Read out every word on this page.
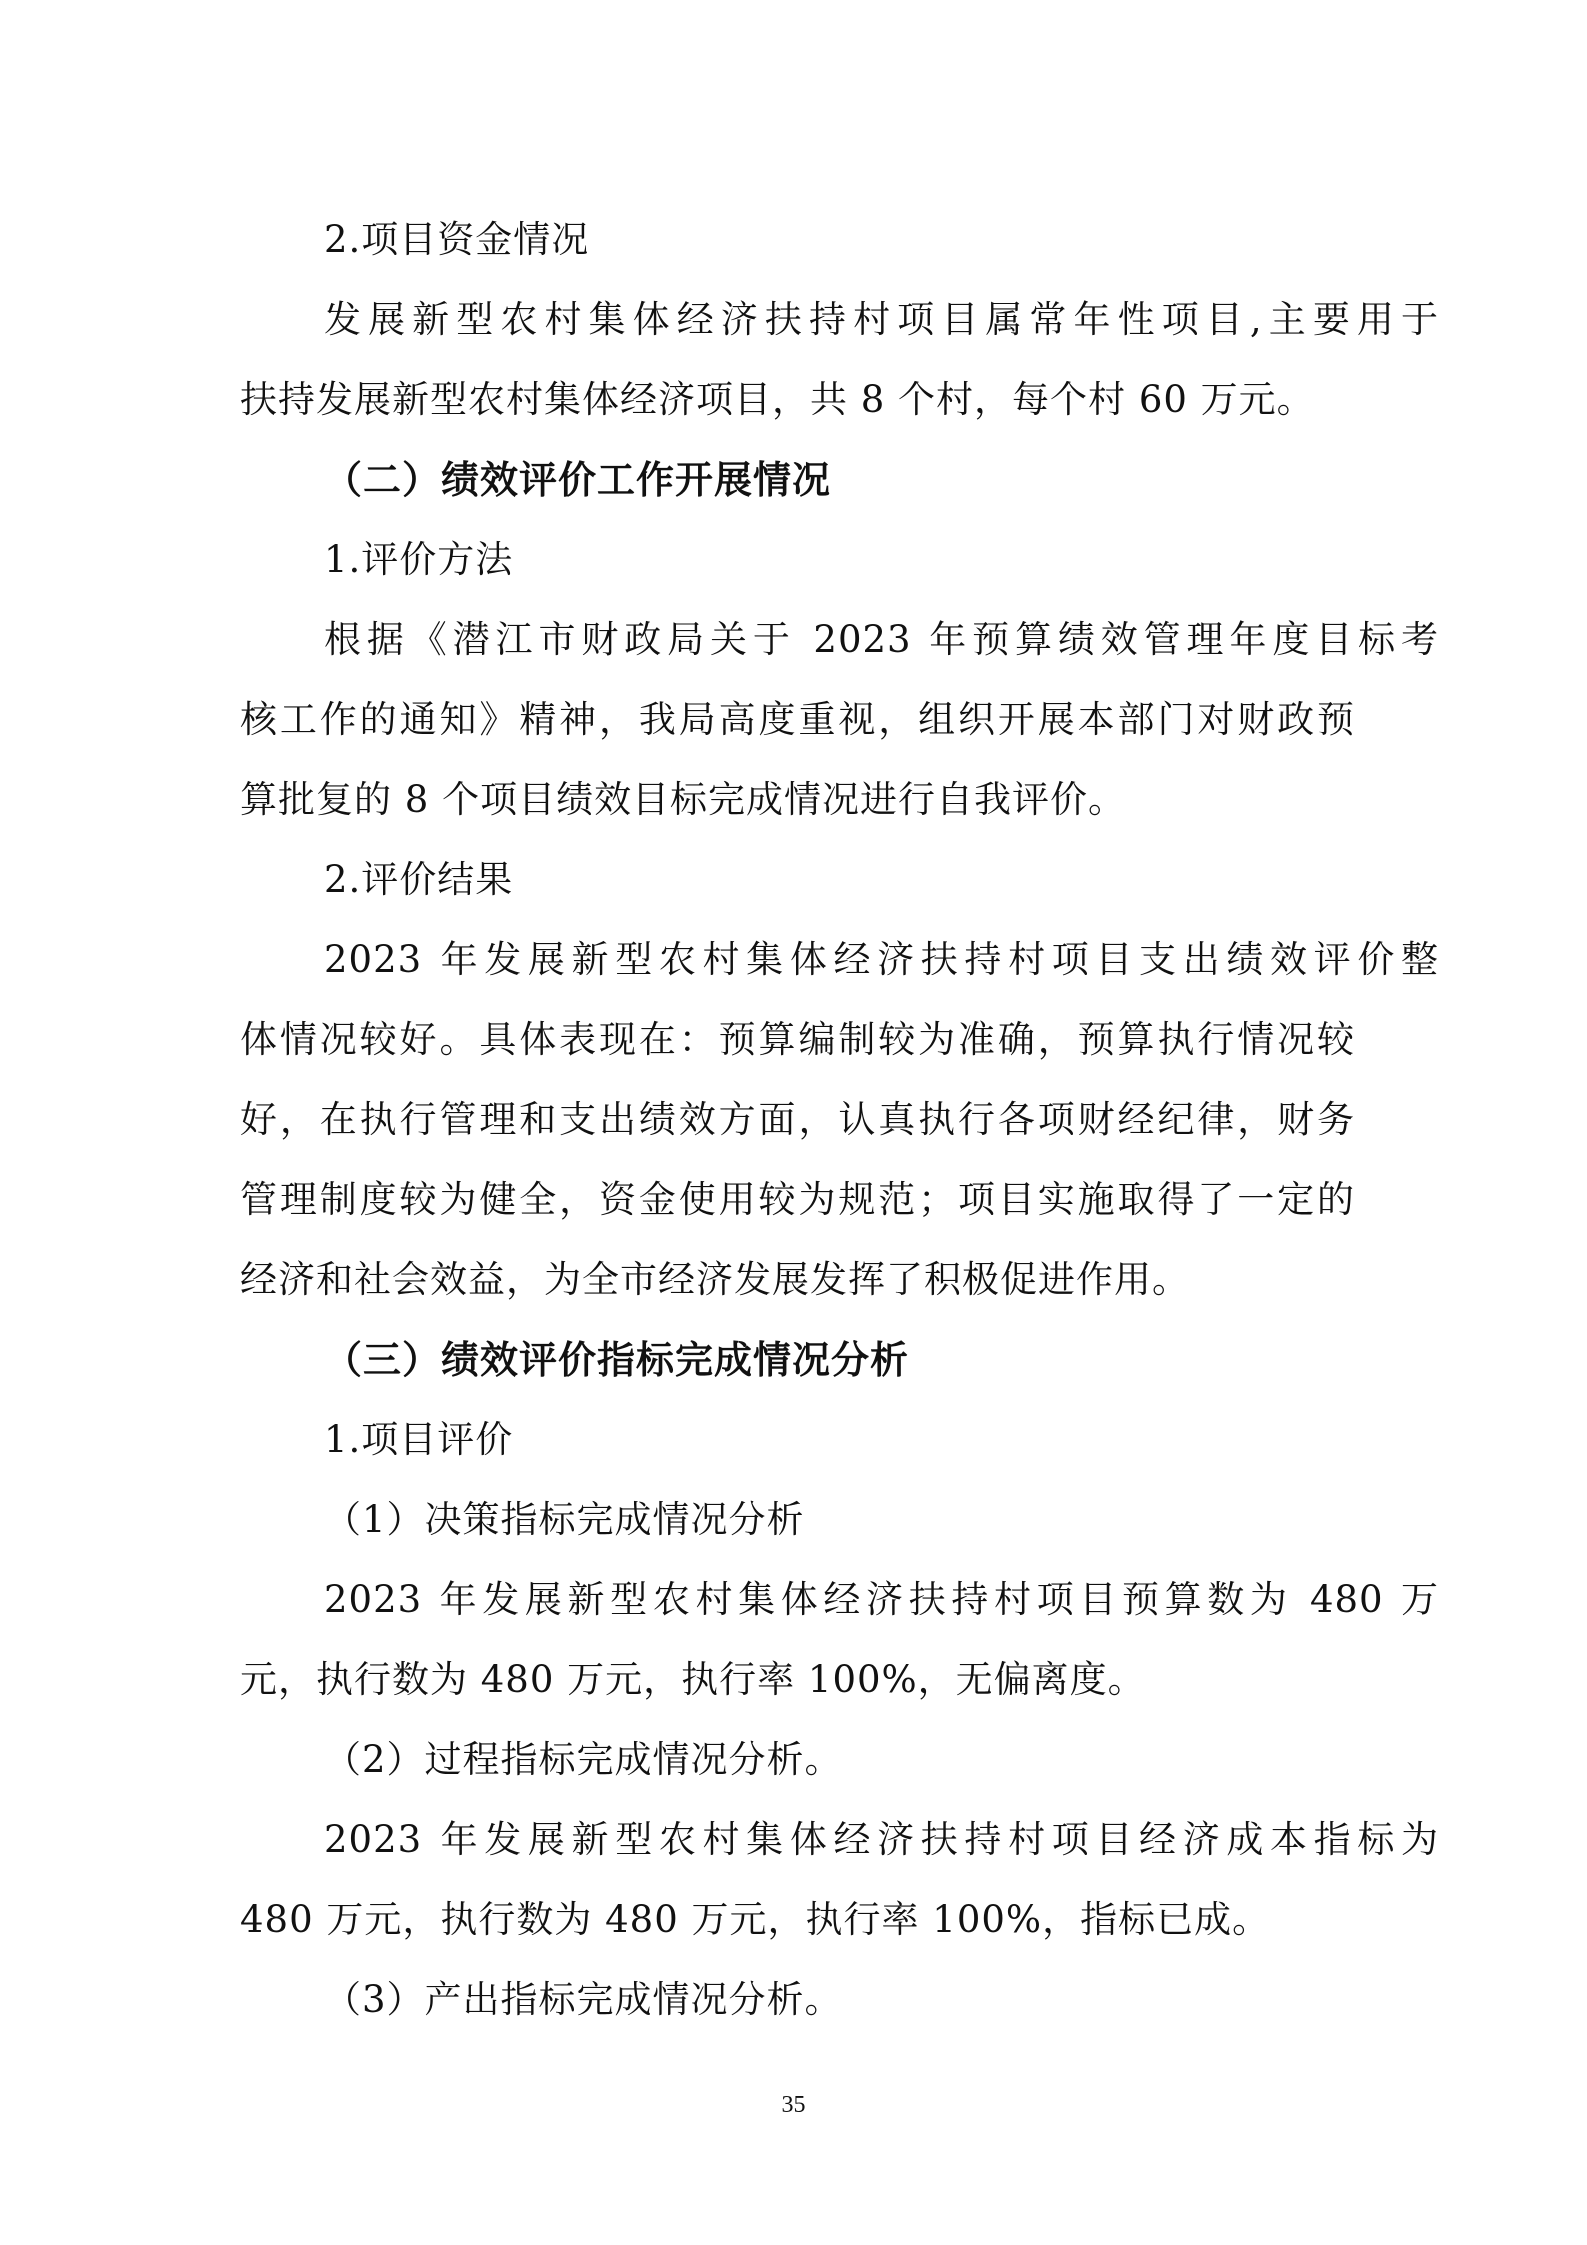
2.项目资金情况
发展新型农村集体经济扶持村项目属常年性项目,主要用于
扶持发展新型农村集体经济项目，共 8 个村，每个村 60 万元。
（二）绩效评价工作开展情况
1.评价方法
根据《潜江市财政局关于 2023 年预算绩效管理年度目标考
核工作的通知》精神，我局高度重视，组织开展本部门对财政预
算批复的 8 个项目绩效目标完成情况进行自我评价。
2.评价结果
2023 年发展新型农村集体经济扶持村项目支出绩效评价整
体情况较好。具体表现在：预算编制较为准确，预算执行情况较
好，在执行管理和支出绩效方面，认真执行各项财经纪律，财务
管理制度较为健全，资金使用较为规范；项目实施取得了一定的
经济和社会效益，为全市经济发展发挥了积极促进作用。
（三）绩效评价指标完成情况分析
1.项目评价
（1）决策指标完成情况分析
2023 年发展新型农村集体经济扶持村项目预算数为 480 万
元，执行数为 480 万元，执行率 100%，无偏离度。
（2）过程指标完成情况分析。
2023 年发展新型农村集体经济扶持村项目经济成本指标为
480 万元，执行数为 480 万元，执行率 100%，指标已成。
（3）产出指标完成情况分析。
35
